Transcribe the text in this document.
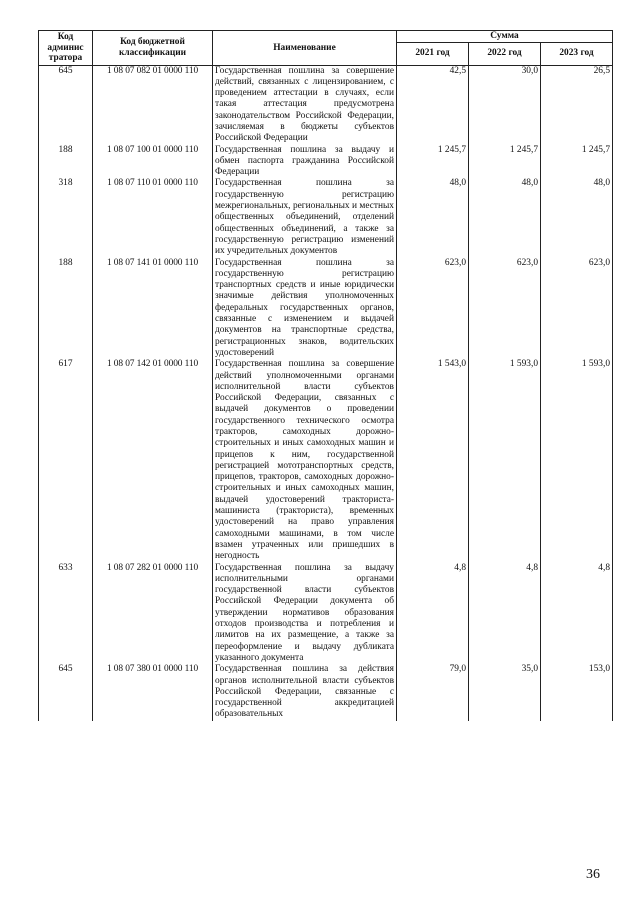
Код админис тратора	Код бюджетной классификации	Наименование	Сумма		
			2021 год	2022 год	2023 год
645	1 08 07 082 01 0000 110	Государственная пошлина за совершение действий, связанных с лицензированием, с проведением аттестации в случаях, если такая аттестация предусмотрена законодательством Российской Федерации, зачисляемая в бюджеты субъектов Российской Федерации	42,5	30,0	26,5
188	1 08 07 100 01 0000 110	Государственная пошлина за выдачу и обмен паспорта гражданина Российской Федерации	1 245,7	1 245,7	1 245,7
318	1 08 07 110 01 0000 110	Государственная пошлина за государственную регистрацию межрегиональных, региональных и местных общественных объединений, отделений общественных объединений, а также за государственную регистрацию изменений их учредительных документов	48,0	48,0	48,0
188	1 08 07 141 01 0000 110	Государственная пошлина за государственную регистрацию транспортных средств и иные юридически значимые действия уполномоченных федеральных государственных органов, связанные с изменением и выдачей документов на транспортные средства, регистрационных знаков, водительских удостоверений	623,0	623,0	623,0
617	1 08 07 142 01 0000 110	Государственная пошлина за совершение действий уполномоченными органами исполнительной власти субъектов Российской Федерации, связанных с выдачей документов о проведении государственного технического осмотра тракторов, самоходных дорожно-строительных и иных самоходных машин и прицепов к ним, государственной регистрацией мототранспортных средств, прицепов, тракторов, самоходных дорожно-строительных и иных самоходных машин, выдачей удостоверений тракториста-машиниста (тракториста), временных удостоверений на право управления самоходными машинами, в том числе взамен утраченных или пришедших в негодность	1 543,0	1 593,0	1 593,0
633	1 08 07 282 01 0000 110	Государственная пошлина за выдачу исполнительными органами государственной власти субъектов Российской Федерации документа об утверждении нормативов образования отходов производства и потребления и лимитов на их размещение, а также за переоформление и выдачу дубликата указанного документа	4,8	4,8	4,8
645	1 08 07 380 01 0000 110	Государственная пошлина за действия органов исполнительной власти субъектов Российской Федерации, связанные с государственной аккредитацией образовательных	79,0	35,0	153,0
36
